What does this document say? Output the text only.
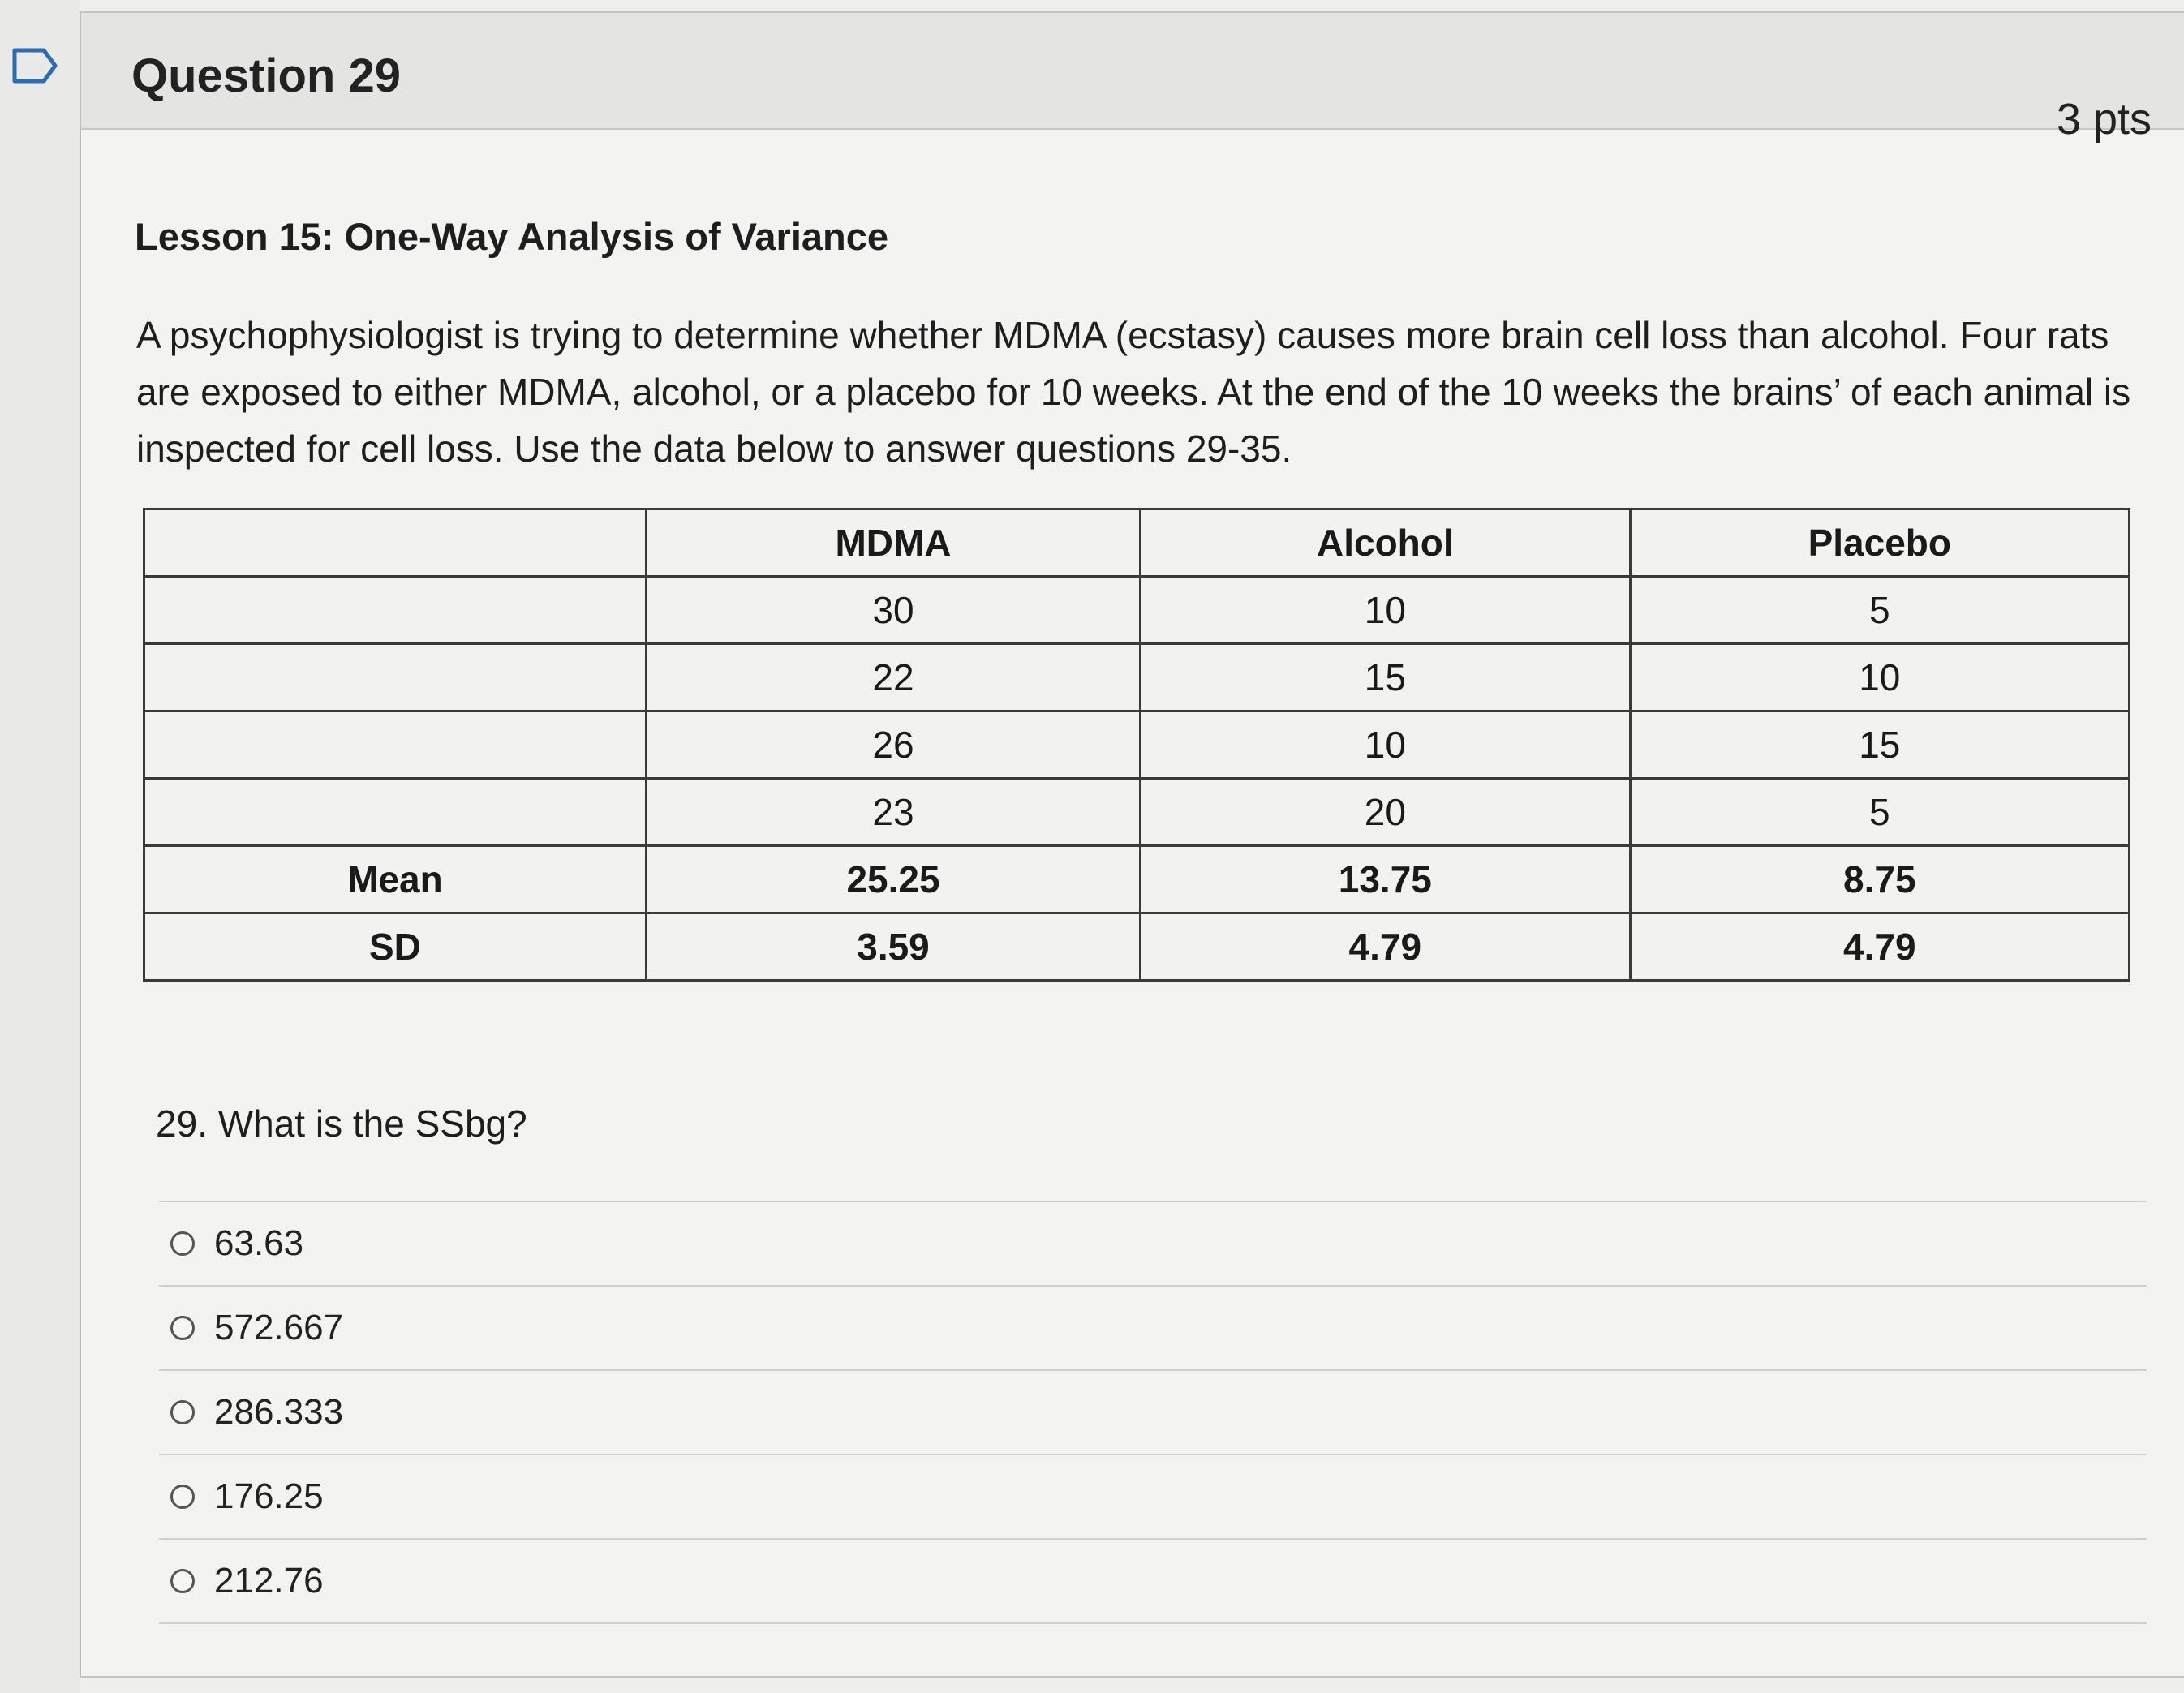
Question 29
3 pts
Lesson 15: One-Way Analysis of Variance
A psychophysiologist is trying to determine whether MDMA (ecstasy) causes more brain cell loss than alcohol. Four rats are exposed to either MDMA, alcohol, or a placebo for 10 weeks. At the end of the 10 weeks the brains’ of each animal is inspected for cell loss. Use the data below to answer questions 29-35.
	MDMA	Alcohol	Placebo
	30	10	5
	22	15	10
	26	10	15
	23	20	5
Mean	25.25	13.75	8.75
SD	3.59	4.79	4.79
29. What is the SSbg?
63.63
572.667
286.333
176.25
212.76
